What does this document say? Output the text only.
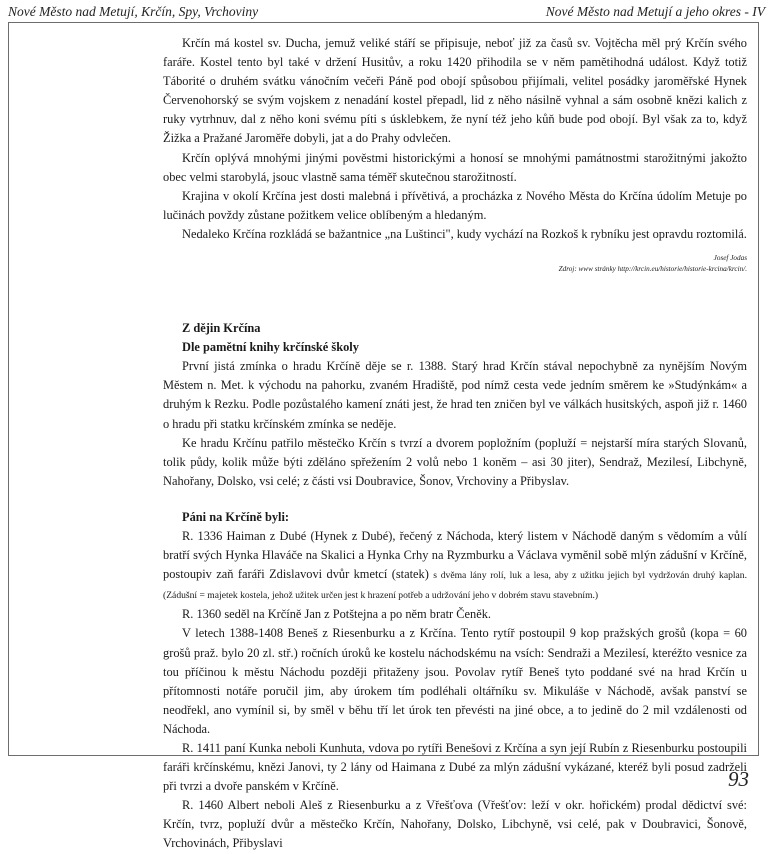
Nové Město nad Metují, Krčín, Spy, Vrchoviny	Nové Město nad Metují a jeho okres - IV

Krčín má kostel sv. Ducha, jemuž veliké stáří se připisuje, neboť již za časů sv. Vojtěcha měl prý Krčín svého faráře. Kostel tento byl také v držení Husitův, a roku 1420 přihodila se v něm pamětihodná událost. Když totiž Táborité o druhém svátku vánočním večeři Páně pod obojí spůsobou přijímali, velitel posádky jaroměřské Hynek Červenohorský se svým vojskem z nenadání kostel přepadl, lid z něho násilně vyhnal a sám osobně knězi kalich z ruky vytrhnuv, dal z něho koni svému píti s úsklebkem, že nyní též jeho kůň bude pod obojí. Byl však za to, když Žižka a Pražané Jaroměře dobyli, jat a do Prahy odvlečen.

Krčín oplývá mnohými jinými pověstmi historickými a honosí se mnohými památnostmi starožitnými jakožto obec velmi starobylá, jsouc vlastně sama téměř skutečnou starožitností.

Krajina v okolí Krčína jest dosti malebná i přívětivá, a procházka z Nového Města do Krčína údolím Metuje po lučinách povždy zůstane požitkem velice oblíbeným a hledaným.

Nedaleko Krčína rozkládá se bažantnice „na Luštinci", kudy vychází na Rozkoš k rybníku jest opravdu roztomilá.

Josef Jodas
Zdroj: www stránky http://krcin.eu/historie/historie-krcina/krcin/.

Z dějin Krčína

Dle pamětní knihy krčínské školy

První jistá zmínka o hradu Krčíně děje se r. 1388. Starý hrad Krčín stával nepochybně za nynějším Novým Městem n. Met. k východu na pahorku, zvaném Hradiště, pod nímž cesta vede jedním směrem ke »Studýnkám« a druhým k Rezku. Podle pozůstalého kamení znáti jest, že hrad ten zničen byl ve válkách husitských, aspoň již r. 1460 o hradu při statku krčínském zmínka se neděje.

Ke hradu Krčínu patřilo městečko Krčín s tvrzí a dvorem popložním (popluží = nejstarší míra starých Slovanů, tolik půdy, kolik může býti zděláno spřežením 2 volů nebo 1 koněm – asi 30 jiter), Sendraž, Mezilesí, Libchyně, Nahořany, Dolsko, vsi celé; z části vsi Doubravice, Šonov, Vrchoviny a Přibyslav.

Páni na Krčíně byli:

R. 1336 Haiman z Dubé (Hynek z Dubé), řečený z Náchoda, který listem v Náchodě daným s vědomím a vůlí bratří svých Hynka Hlaváče na Skalici a Hynka Crhy na Ryzmburku a Václava vyměnil sobě mlýn zádušní v Krčíně, postoupiv zaň faráři Zdislavovi dvůr kmetcí (statek) s dvěma lány rolí, luk a lesa, aby z užitku jejich byl vydržován druhý kaplan. (Zádušní = majetek kostela, jehož užitek určen jest k hrazení potřeb a udržování jeho v dobrém stavu stavebním.)

R. 1360 seděl na Krčíně Jan z Potštejna a po něm bratr Čeněk.

V letech 1388-1408 Beneš z Riesenburku a z Krčína. Tento rytíř postoupil 9 kop pražských grošů (kopa = 60 grošů praž. bylo 20 zl. stř.) ročních úroků ke kostelu náchodskému na vsích: Sendraži a Mezilesí, kteréžto vesnice za tou příčinou k městu Náchodu později přitaženy jsou. Povolav rytíř Beneš tyto poddané své na hrad Krčín u přítomnosti notáře poručil jim, aby úrokem tím podléhali oltářníku sv. Mikuláše v Náchodě, avšak panství se neodřekl, ano vymínil si, by směl v běhu tří let úrok ten převésti na jiné obce, a to jedině do 2 mil vzdálenosti od Náchoda.

R. 1411 paní Kunka neboli Kunhuta, vdova po rytíři Benešovi z Krčína a syn její Rubín z Riesenburku postoupili faráři krčínskému, knězi Janovi, ty 2 lány od Haimana z Dubé za mlýn zádušní vykázané, kteréž byli posud zadrželi při tvrzi a dvoře panském v Krčíně.

R. 1460 Albert neboli Aleš z Riesenburku a z Vřešťova (Vřešťov: leží v okr. hořickém) prodal dědictví své: Krčín, tvrz, popluží dvůr a městečko Krčín, Nahořany, Dolsko, Libchyně, vsi celé, pak v Doubravici, Šonově, Vrchovinách, Přibyslavi

93
